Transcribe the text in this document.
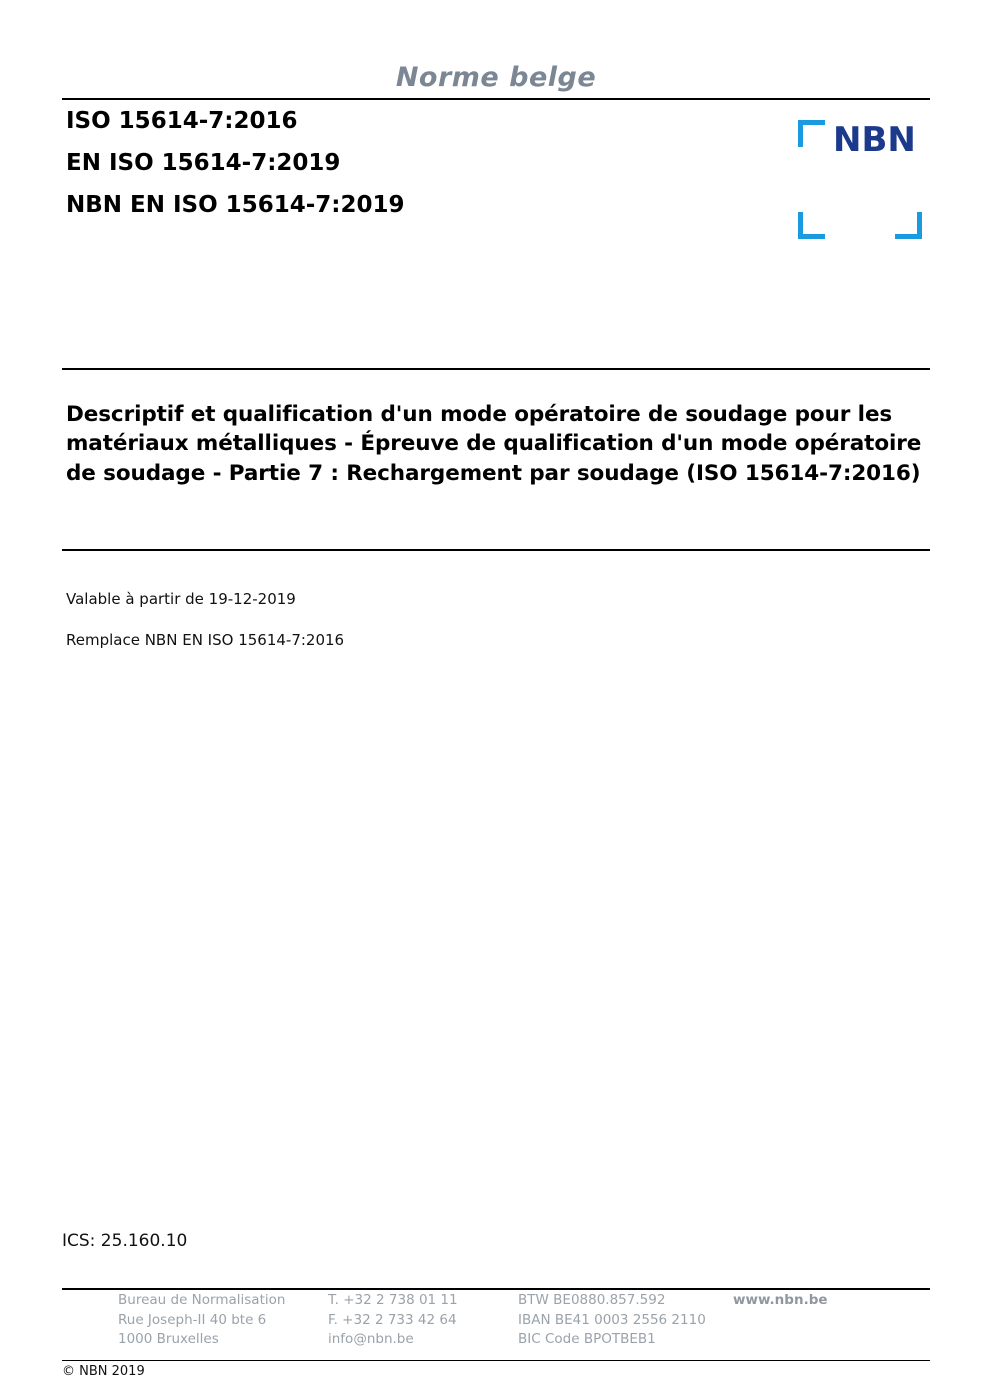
Norme belge
ISO 15614-7:2016
EN ISO 15614-7:2019
NBN EN ISO 15614-7:2019
NBN
Descriptif et qualification d'un mode opératoire de soudage pour les matériaux métalliques - Épreuve de qualification d'un mode opératoire de soudage - Partie 7 : Rechargement par soudage (ISO 15614-7:2016)
Valable à partir de 19-12-2019
Remplace NBN EN ISO 15614-7:2016
ICS: 25.160.10
Bureau de Normalisation
Rue Joseph-II 40 bte 6
1000 Bruxelles
T. +32 2 738 01 11
F. +32 2 733 42 64
info@nbn.be
BTW BE0880.857.592
IBAN BE41 0003 2556 2110
BIC Code BPOTBEB1
www.nbn.be
© NBN 2019
